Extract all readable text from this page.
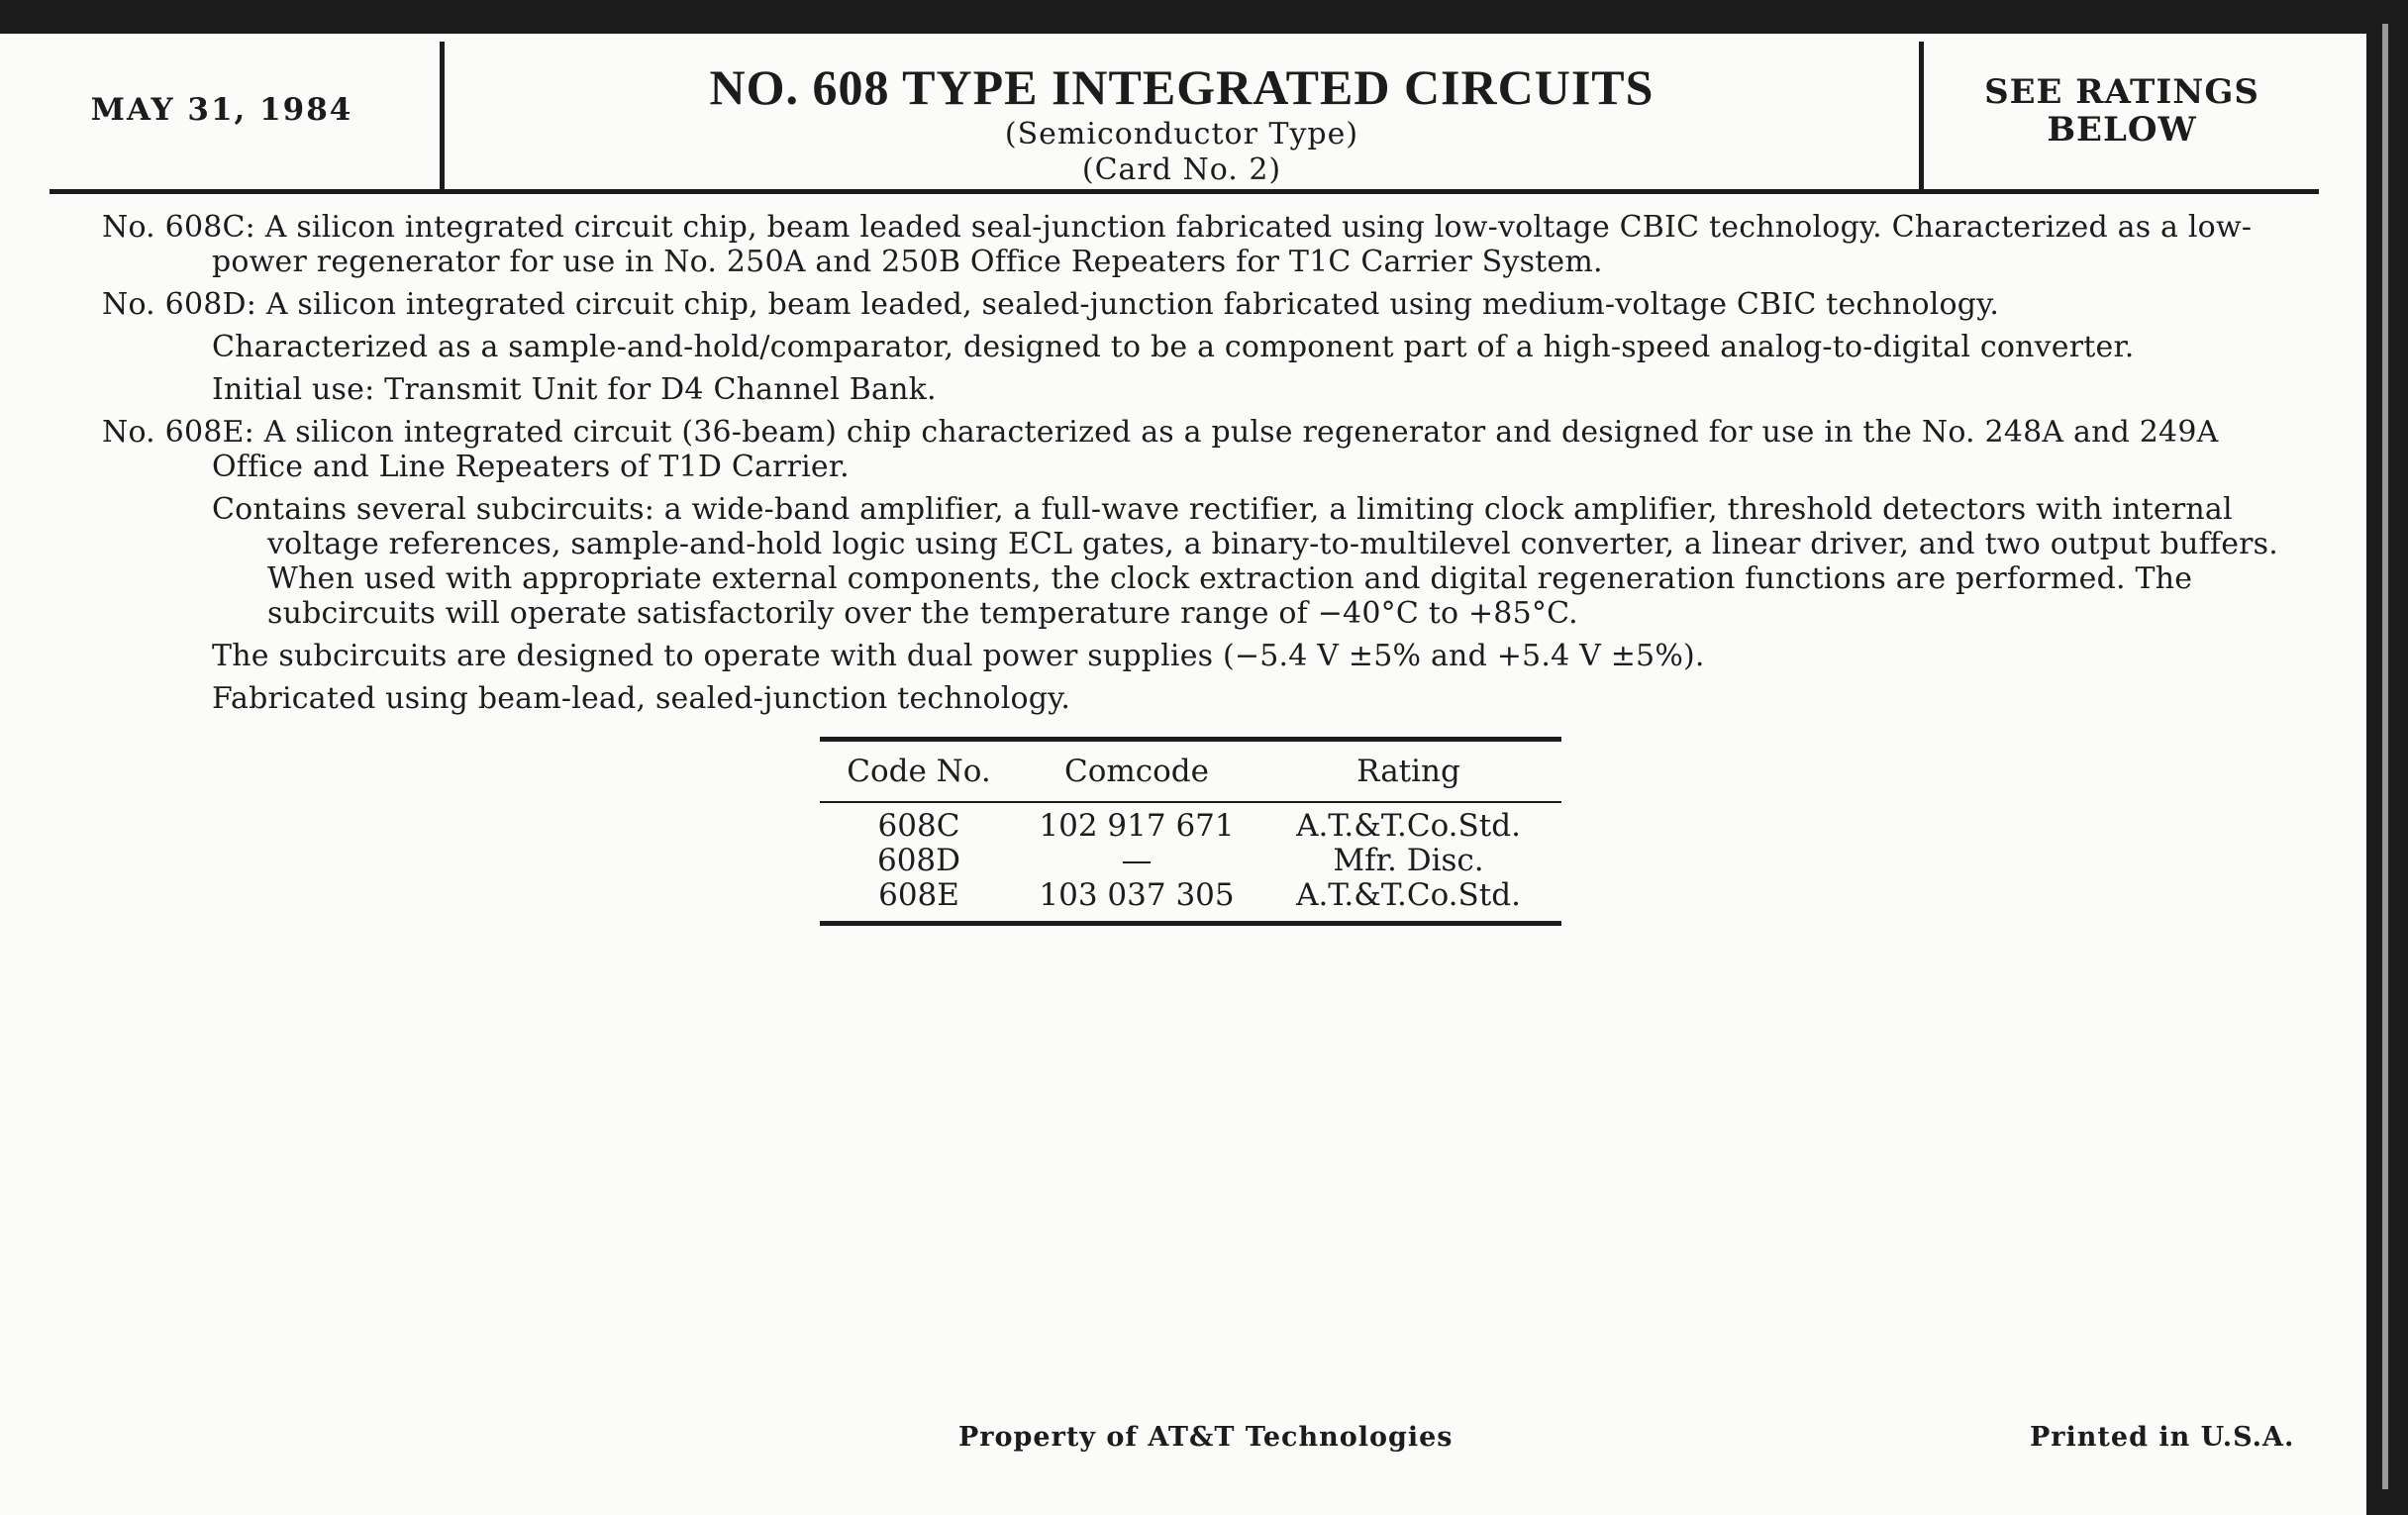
MAY 31, 1984	NO. 608 TYPE INTEGRATED CIRCUITS
(Semiconductor Type)
(Card No. 2)
SEE RATINGS
BELOW

No. 608C: A silicon integrated circuit chip, beam leaded seal-junction fabricated using low-voltage CBIC technology. Characterized as a low-power regenerator for use in No. 250A and 250B Office Repeaters for T1C Carrier System.

No. 608D: A silicon integrated circuit chip, beam leaded, sealed-junction fabricated using medium-voltage CBIC technology.

Characterized as a sample-and-hold/comparator, designed to be a component part of a high-speed analog-to-digital converter.

Initial use: Transmit Unit for D4 Channel Bank.

No. 608E: A silicon integrated circuit (36-beam) chip characterized as a pulse regenerator and designed for use in the No. 248A and 249A Office and Line Repeaters of T1D Carrier.

Contains several subcircuits: a wide-band amplifier, a full-wave rectifier, a limiting clock amplifier, threshold detectors with internal voltage references, sample-and-hold logic using ECL gates, a binary-to-multilevel converter, a linear driver, and two output buffers. When used with appropriate external components, the clock extraction and digital regeneration functions are performed. The subcircuits will operate satisfactorily over the temperature range of −40°C to +85°C.

The subcircuits are designed to operate with dual power supplies (−5.4 V ±5% and +5.4 V ±5%).

Fabricated using beam-lead, sealed-junction technology.

Code No.	Comcode	Rating
608C	102 917 671	A.T.&T.Co.Std.
608D	—	Mfr. Disc.
608E	103 037 305	A.T.&T.Co.Std.
Property of AT&T Technologies	Printed in U.S.A.
